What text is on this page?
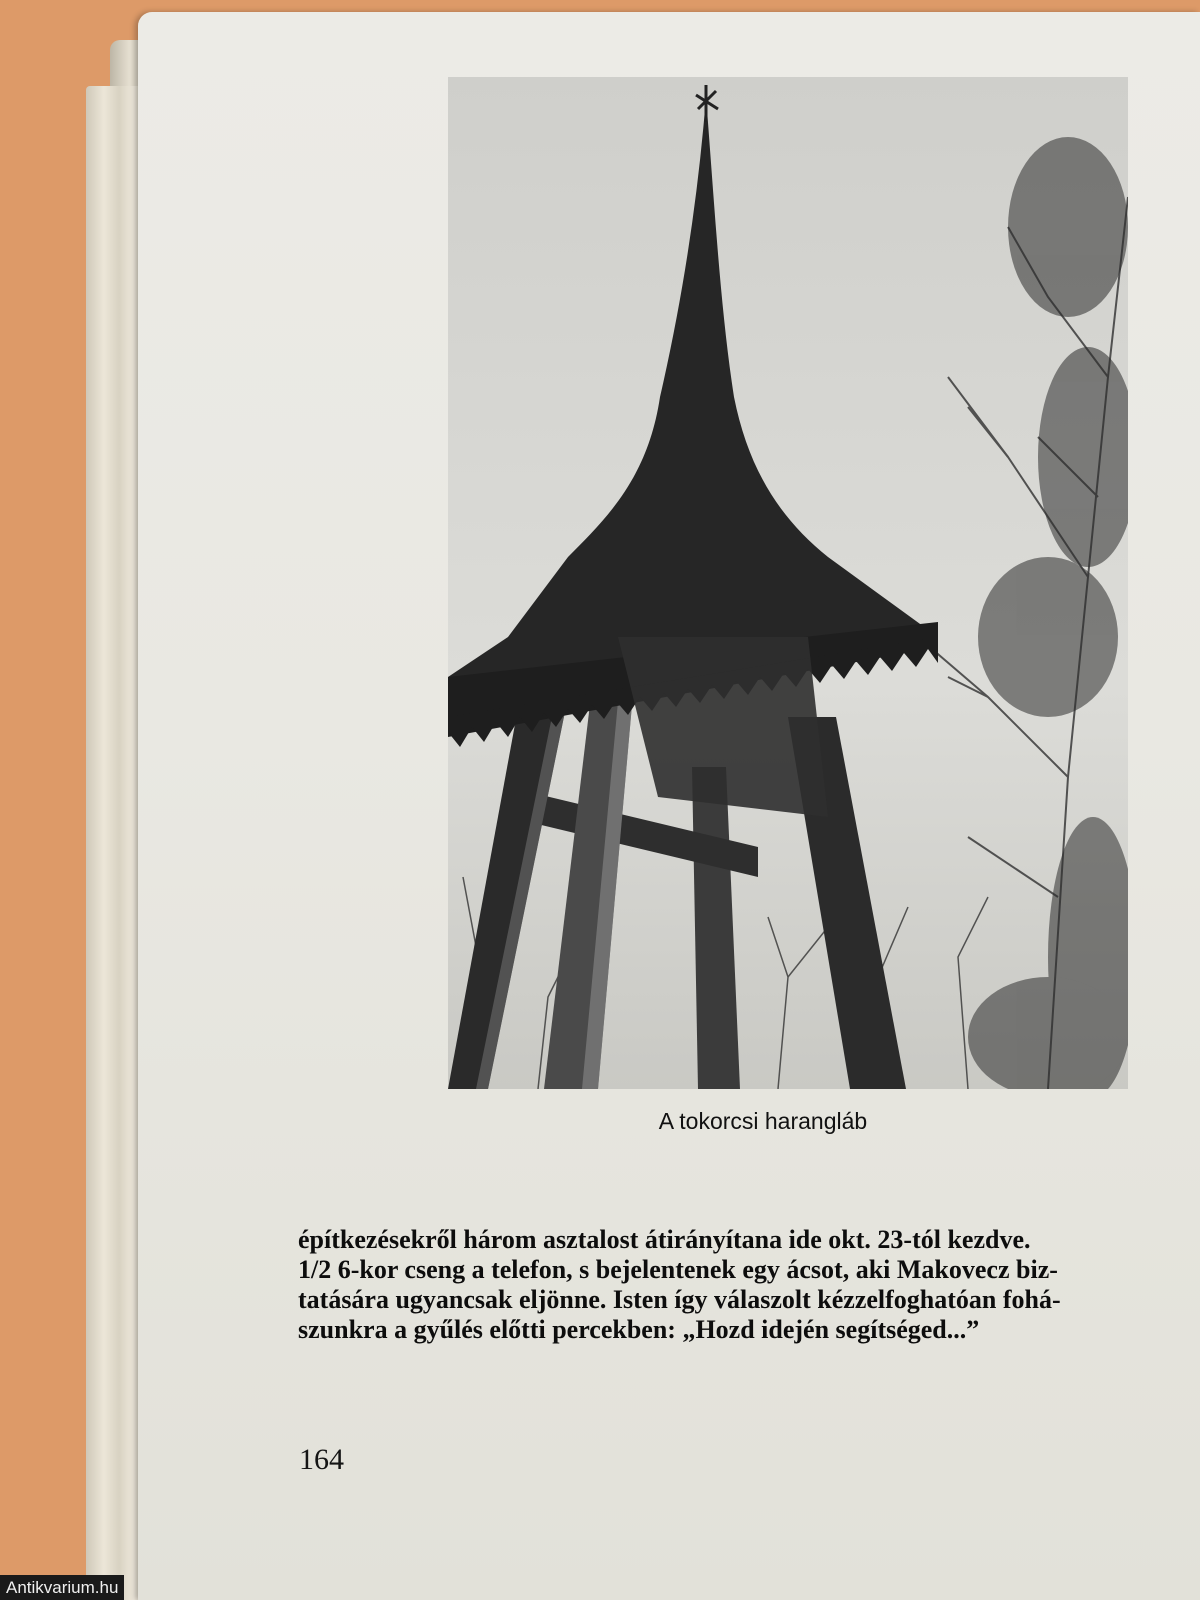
A tokorcsi harangláb

építkezésekről három asztalost átirányítana ide okt. 23-tól kezdve.

1/2 6-kor cseng a telefon, s bejelentenek egy ácsot, aki Makovecz biz-

tatására ugyancsak eljönne. Isten így válaszolt kézzelfoghatóan fohá-

szunkra a gyűlés előtti percekben: „Hozd idején segítséged...”

164
Antikvarium.hu
